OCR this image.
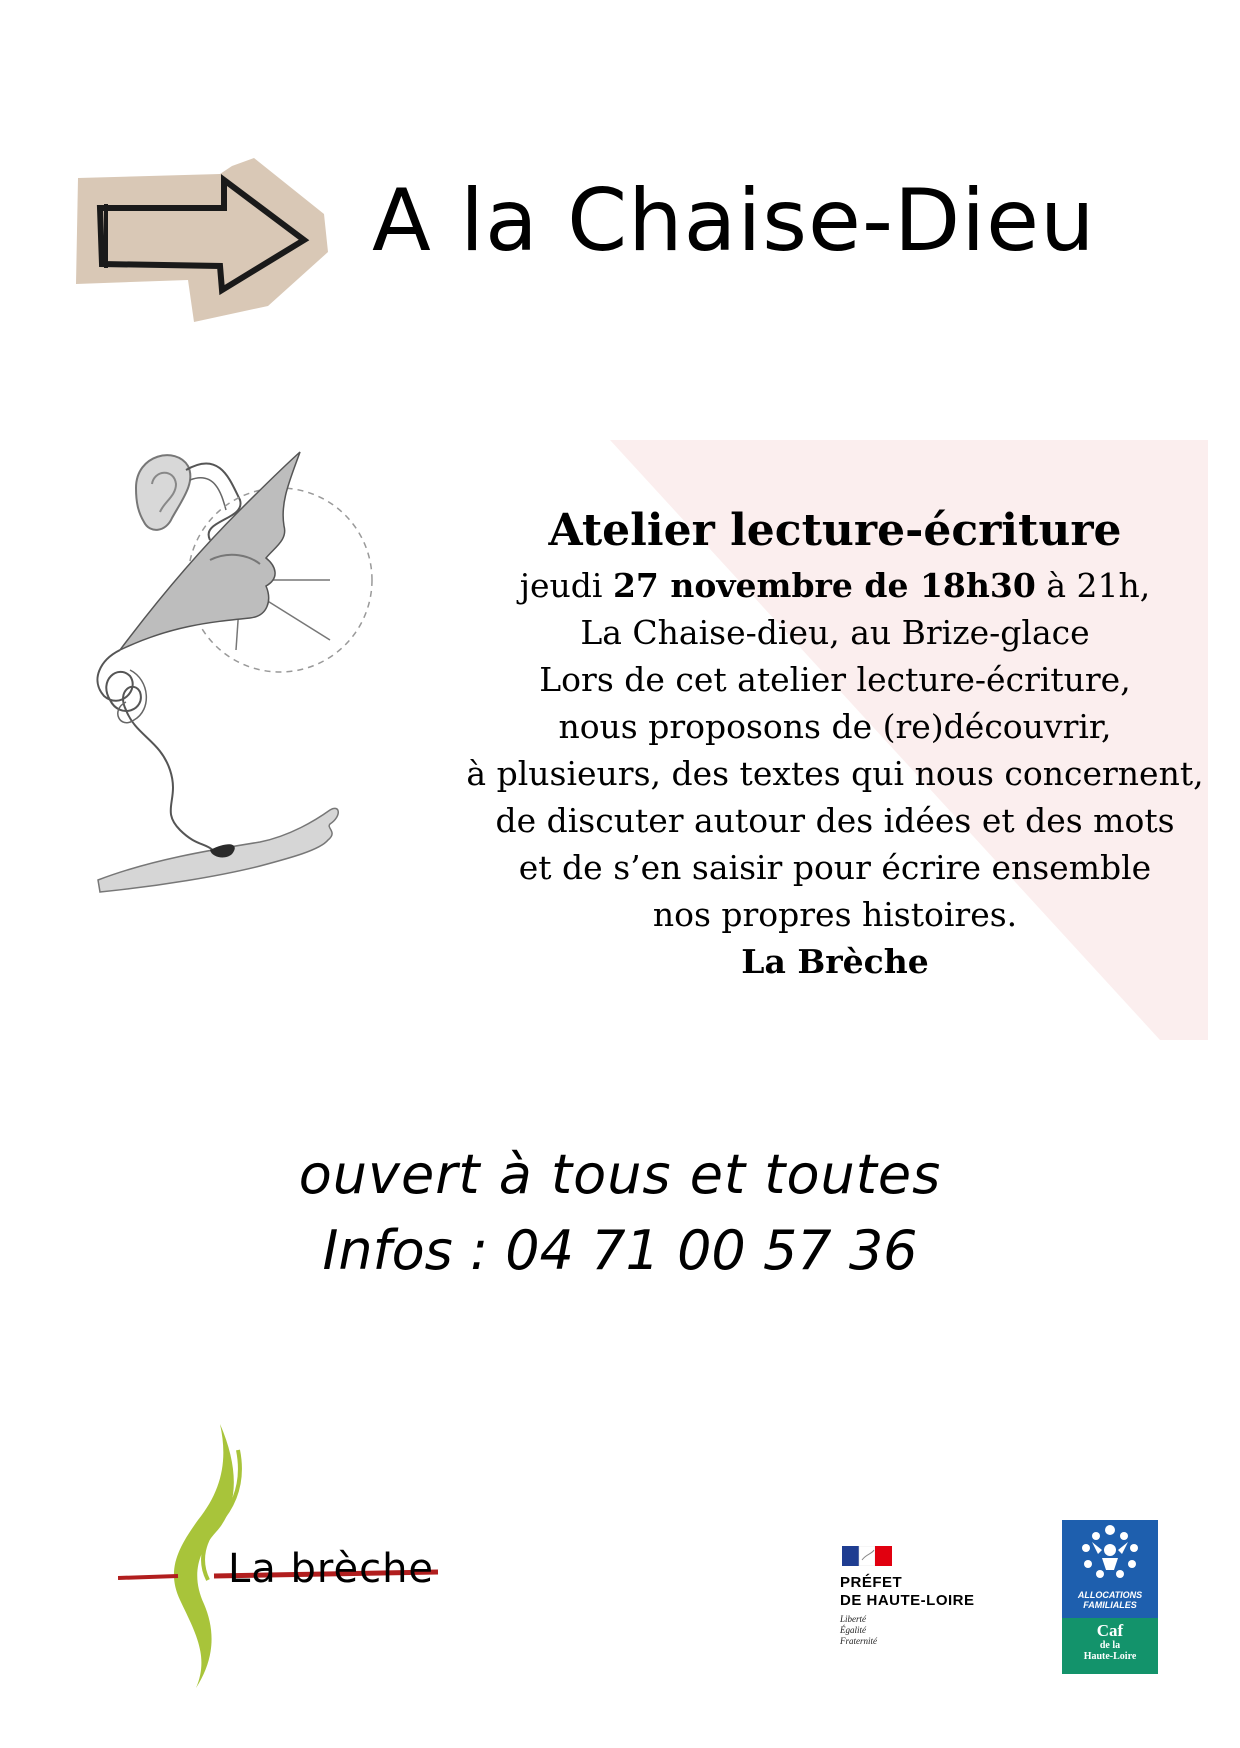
A la Chaise-Dieu
Atelier lecture-écriture
jeudi 27 novembre de 18h30 à 21h,
La Chaise-dieu, au Brize-glace
Lors de cet atelier lecture-écriture,
nous proposons de (re)découvrir,
à plusieurs, des textes qui nous concernent,
de discuter autour des idées et des mots
et de s’en saisir pour écrire ensemble
nos propres histoires.
La Brèche
ouvert à tous et toutes
Infos : 04 71 00 57 36
La brèche	PRÉFET
DE HAUTE-LOIRE
Liberté
Égalité
Fraternité
ALLOCATIONS
FAMILIALES
Caf
de la
Haute-Loire
